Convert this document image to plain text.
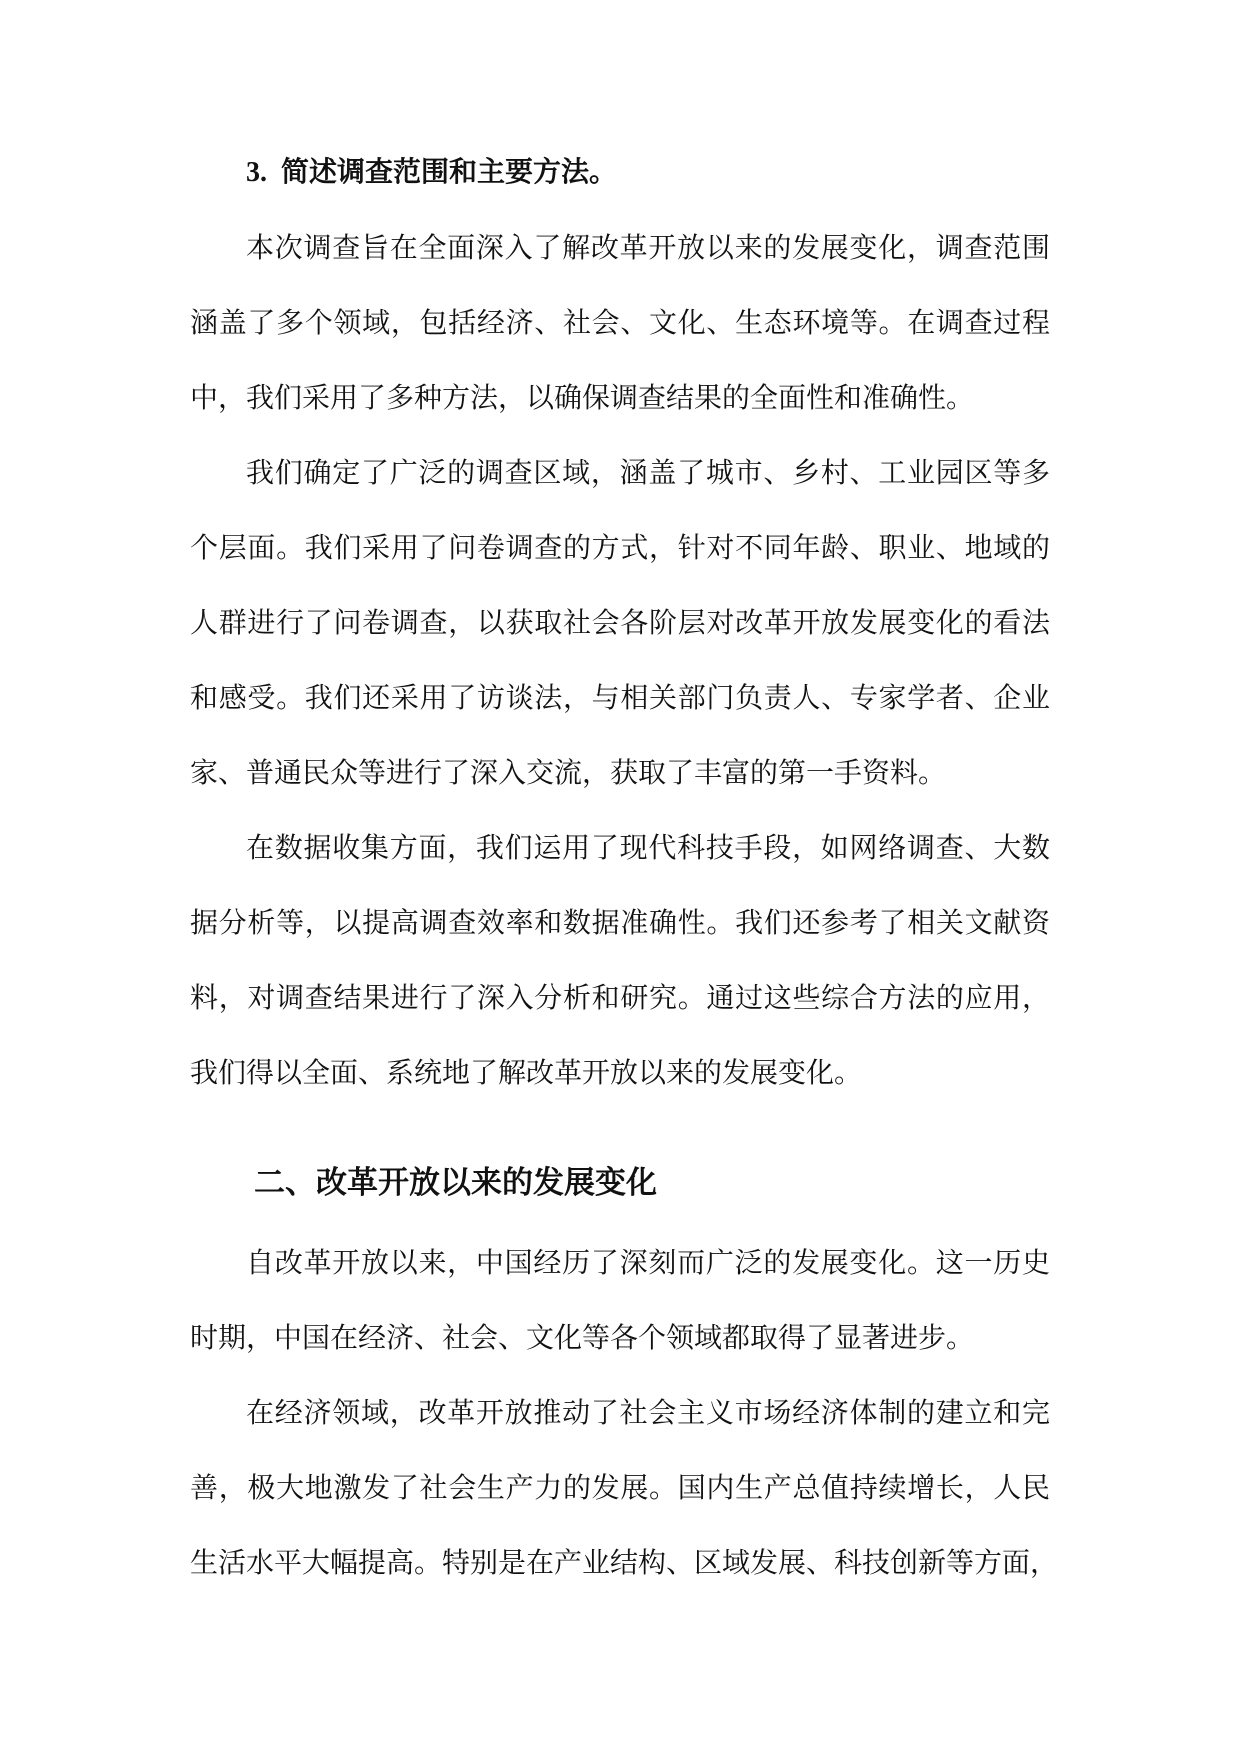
3. 简述调查范围和主要方法。
本次调查旨在全面深入了解改革开放以来的发展变化，调查范围
涵盖了多个领域，包括经济、社会、文化、生态环境等。在调查过程
中，我们采用了多种方法，以确保调查结果的全面性和准确性。
我们确定了广泛的调查区域，涵盖了城市、乡村、工业园区等多
个层面。我们采用了问卷调查的方式，针对不同年龄、职业、地域的
人群进行了问卷调查，以获取社会各阶层对改革开放发展变化的看法
和感受。我们还采用了访谈法，与相关部门负责人、专家学者、企业
家、普通民众等进行了深入交流，获取了丰富的第一手资料。
在数据收集方面，我们运用了现代科技手段，如网络调查、大数
据分析等，以提高调查效率和数据准确性。我们还参考了相关文献资
料，对调查结果进行了深入分析和研究。通过这些综合方法的应用，
我们得以全面、系统地了解改革开放以来的发展变化。
二、改革开放以来的发展变化
自改革开放以来，中国经历了深刻而广泛的发展变化。这一历史
时期，中国在经济、社会、文化等各个领域都取得了显著进步。
在经济领域，改革开放推动了社会主义市场经济体制的建立和完
善，极大地激发了社会生产力的发展。国内生产总值持续增长，人民
生活水平大幅提高。特别是在产业结构、区域发展、科技创新等方面，
